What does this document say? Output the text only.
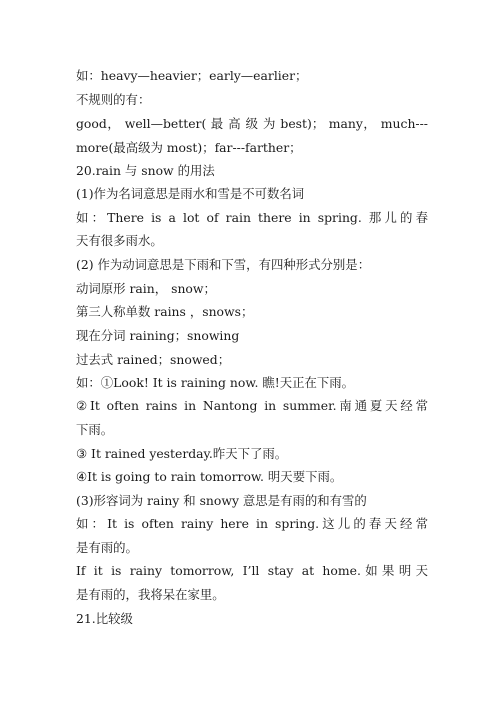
如：heavy—heavier；early—earlier；
不规则的有：
good， well—better( 最 高 级 为 best)； many， much---
more(最高级为 most)；far---farther；
20.rain 与 snow 的用法
(1)作为名词意思是雨水和雪是不可数名词
如：There is a lot of rain there in spring. 那儿的春
天有很多雨水。
(2) 作为动词意思是下雨和下雪，有四种形式分别是：
动词原形 rain， snow；
第三人称单数 rains ，snows；
现在分词 raining；snowing
过去式 rained；snowed；
如：①Look! It is raining now. 瞧!天正在下雨。
②It often rains in Nantong in summer.南通夏天经常
下雨。
③ It rained yesterday.昨天下了雨。
④It is going to rain tomorrow. 明天要下雨。
(3)形容词为 rainy 和 snowy 意思是有雨的和有雪的
如：It is often rainy here in spring.这儿的春天经常
是有雨的。
If it is rainy tomorrow, I’ll stay at home.如果明天
是有雨的，我将呆在家里。
21.比较级
